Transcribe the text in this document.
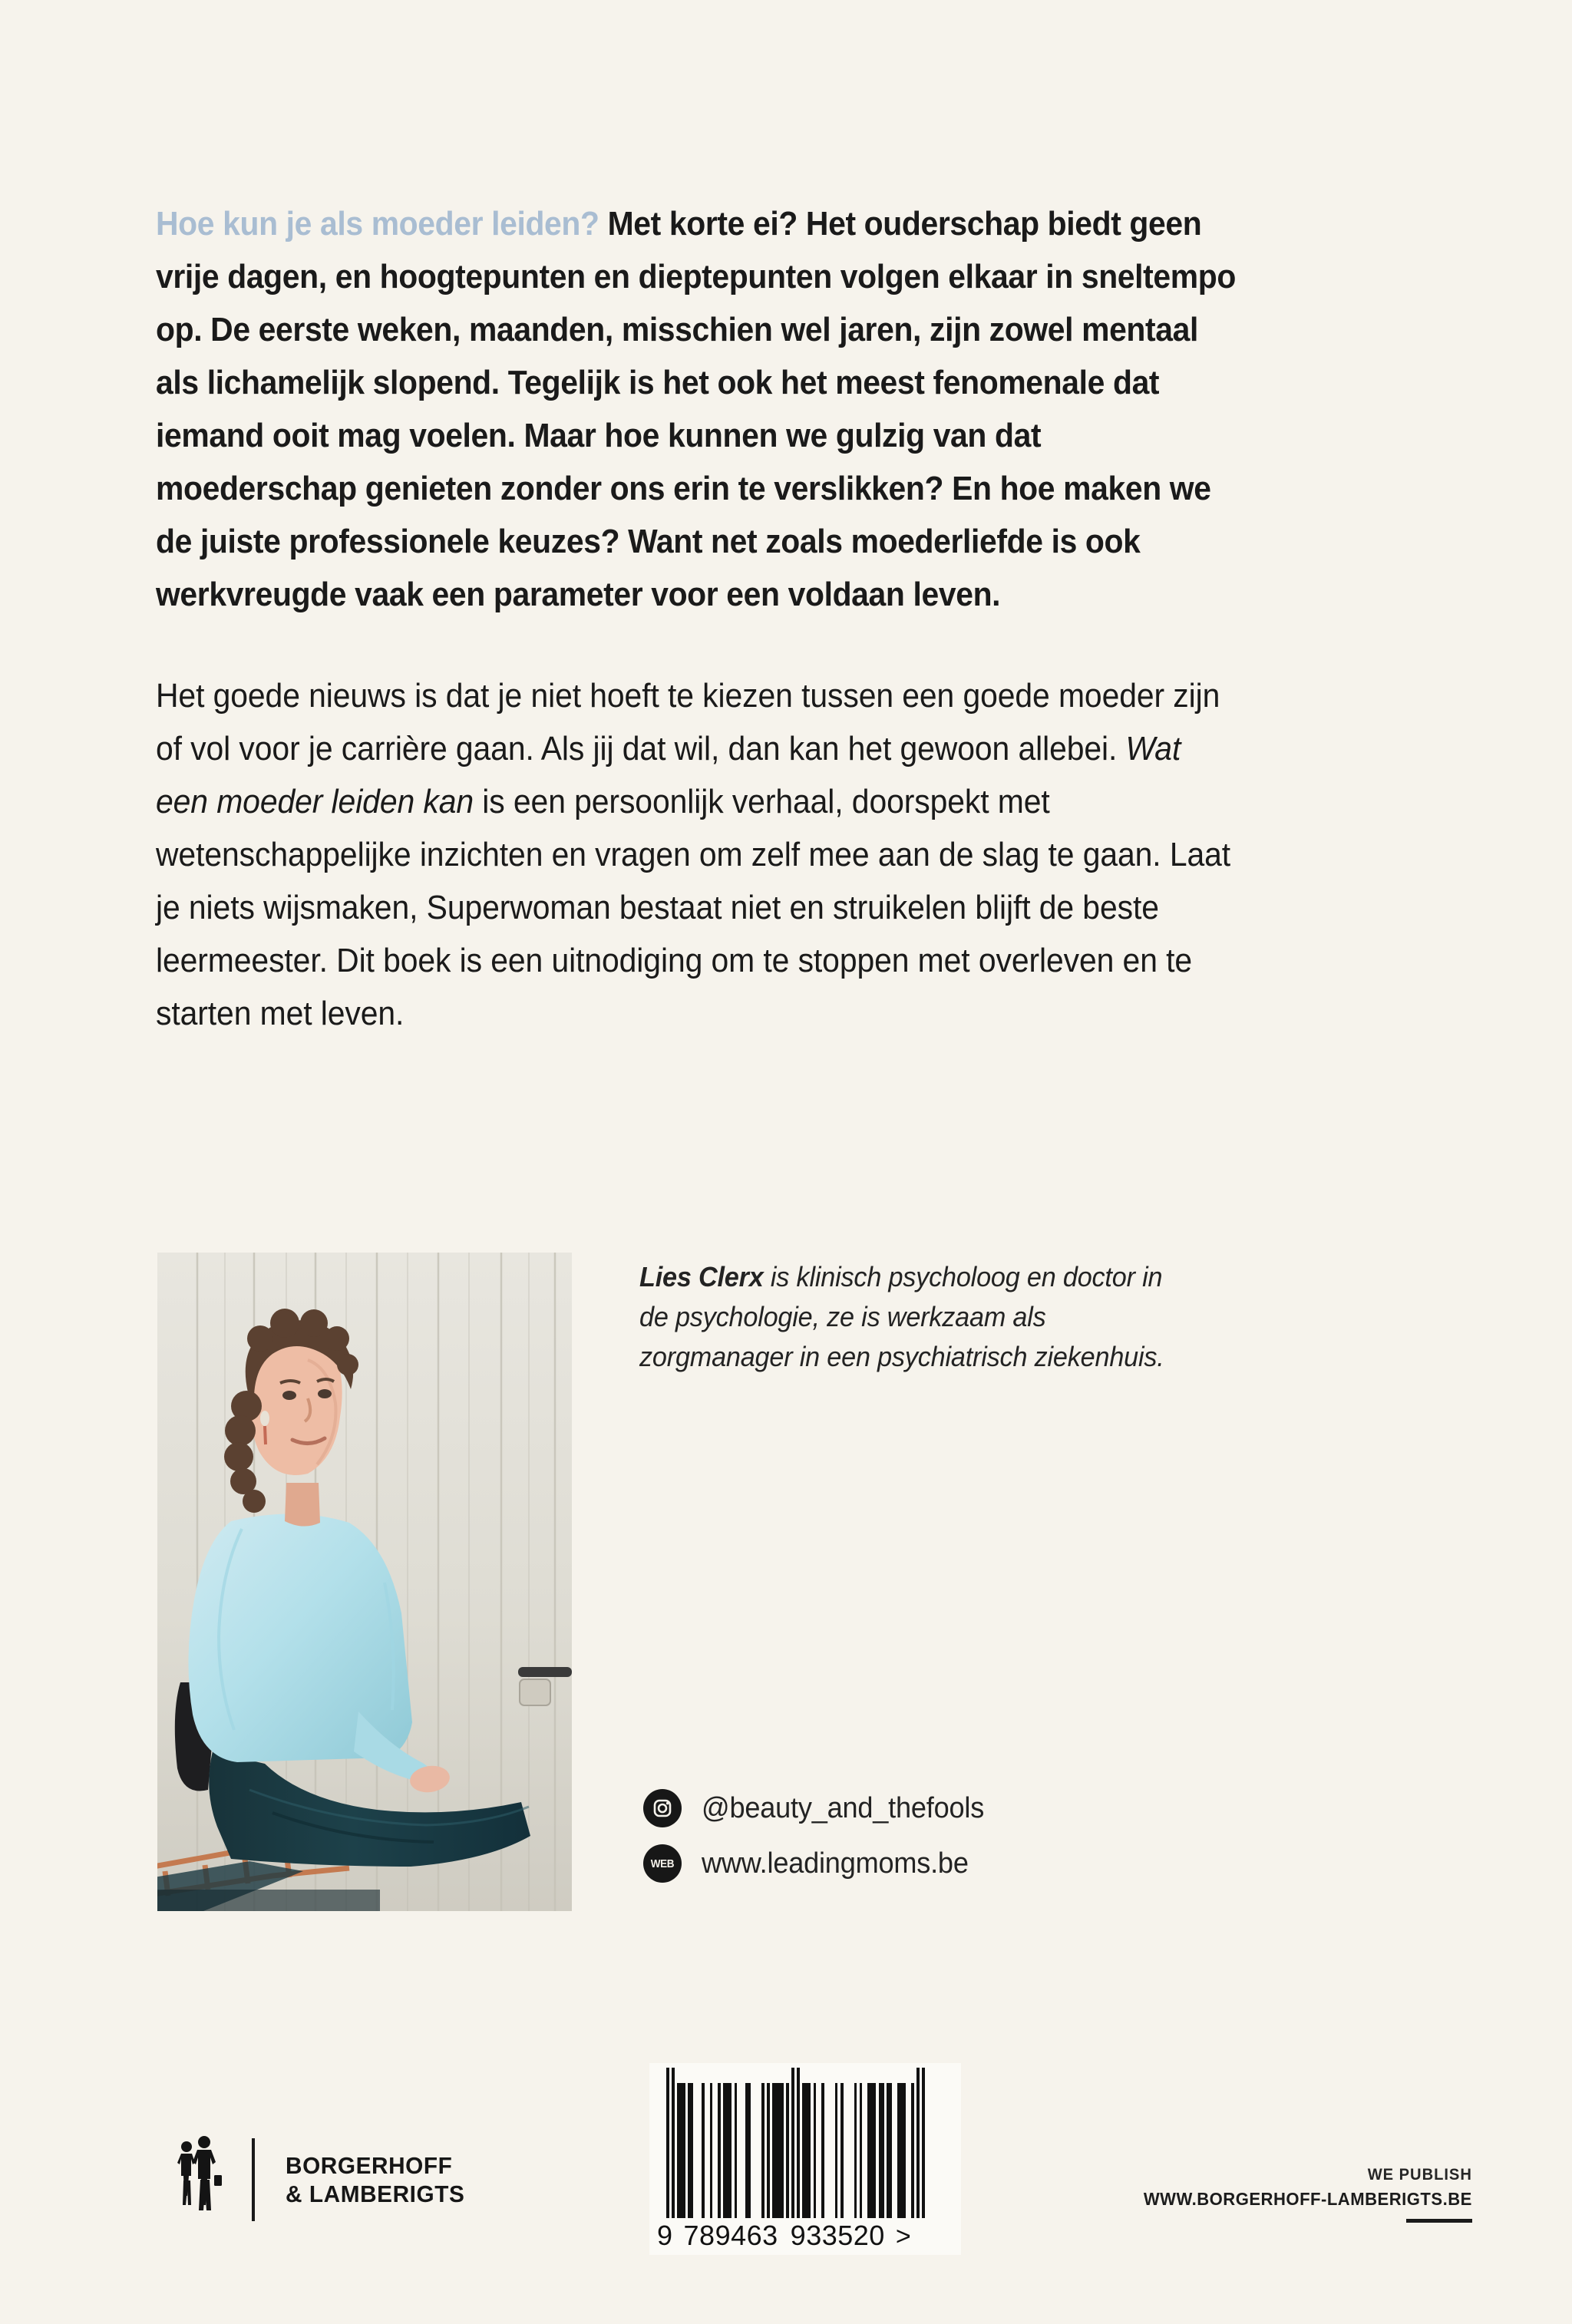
Hoe kun je als moeder leiden? Met korte ei? Het ouderschap biedt geen vrije dagen, en hoogtepunten en dieptepunten volgen elkaar in sneltempo op. De eerste weken, maanden, misschien wel jaren, zijn zowel mentaal als lichamelijk slopend. Tegelijk is het ook het meest fenomenale dat iemand ooit mag voelen. Maar hoe kunnen we gulzig van dat moederschap genieten zonder ons erin te verslikken? En hoe maken we de juiste professionele keuzes? Want net zoals moederliefde is ook werkvreugde vaak een parameter voor een voldaan leven.

Het goede nieuws is dat je niet hoeft te kiezen tussen een goede moeder zijn of vol voor je carrière gaan. Als jij dat wil, dan kan het gewoon allebei. Wat een moeder leiden kan is een persoonlijk verhaal, doorspekt met wetenschappelijke inzichten en vragen om zelf mee aan de slag te gaan. Laat je niets wijsmaken, Superwoman bestaat niet en struikelen blijft de beste leermeester. Dit boek is een uitnodiging om te stoppen met overleven en te starten met leven.

Lies Clerx is klinisch psycholoog en doctor in de psychologie, ze is werkzaam als zorgmanager in een psychiatrisch ziekenhuis.
@beauty_and_thefools
WEB www.leadingmoms.be
BORGERHOFF
& LAMBERIGTS
9 789463 933520 >
WE PUBLISH
WWW.BORGERHOFF-LAMBERIGTS.BE
